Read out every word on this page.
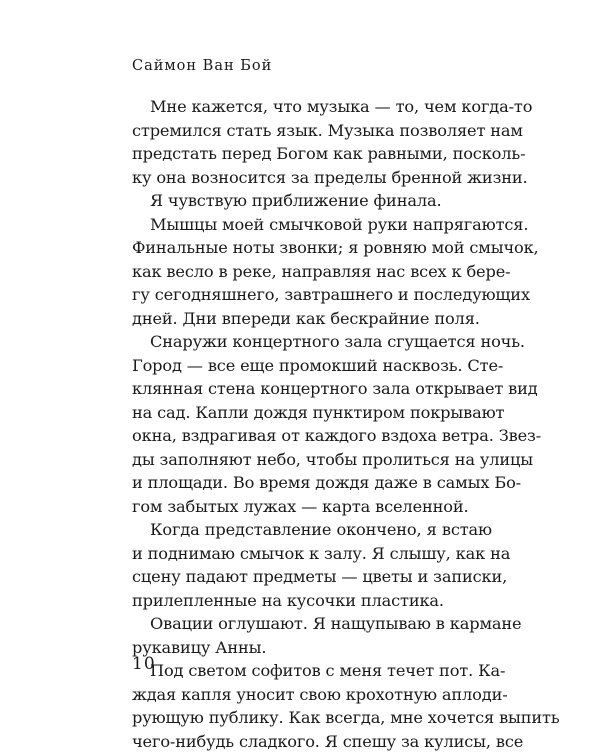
Саймон Ван Бой
Мне кажется, что музыка — то, чем когда-то
стремился стать язык. Музыка позволяет нам
предстать перед Богом как равными, посколь-
ку она возносится за пределы бренной жизни.
Я чувствую приближение финала.
Мышцы моей смычковой руки напрягаются.
Финальные ноты звонки; я ровняю мой смычок,
как весло в реке, направляя нас всех к бере-
гу сегодняшнего, завтрашнего и последующих
дней. Дни впереди как бескрайние поля.
Снаружи концертного зала сгущается ночь.
Город — все еще промокший насквозь. Сте-
клянная стена концертного зала открывает вид
на сад. Капли дождя пунктиром покрывают
окна, вздрагивая от каждого вздоха ветра. Звез-
ды заполняют небо, чтобы пролиться на улицы
и площади. Во время дождя даже в самых Бо-
гом забытых лужах — карта вселенной.
Когда представление окончено, я встаю
и поднимаю смычок к залу. Я слышу, как на
сцену падают предметы — цветы и записки,
прилепленные на кусочки пластика.
Овации оглушают. Я нащупываю в кармане
рукавицу Анны.
Под светом софитов с меня течет пот. Ка-
ждая капля уносит свою крохотную аплоди-
рующую публику. Как всегда, мне хочется выпить
чего-нибудь сладкого. Я спешу за кулисы, все
10
